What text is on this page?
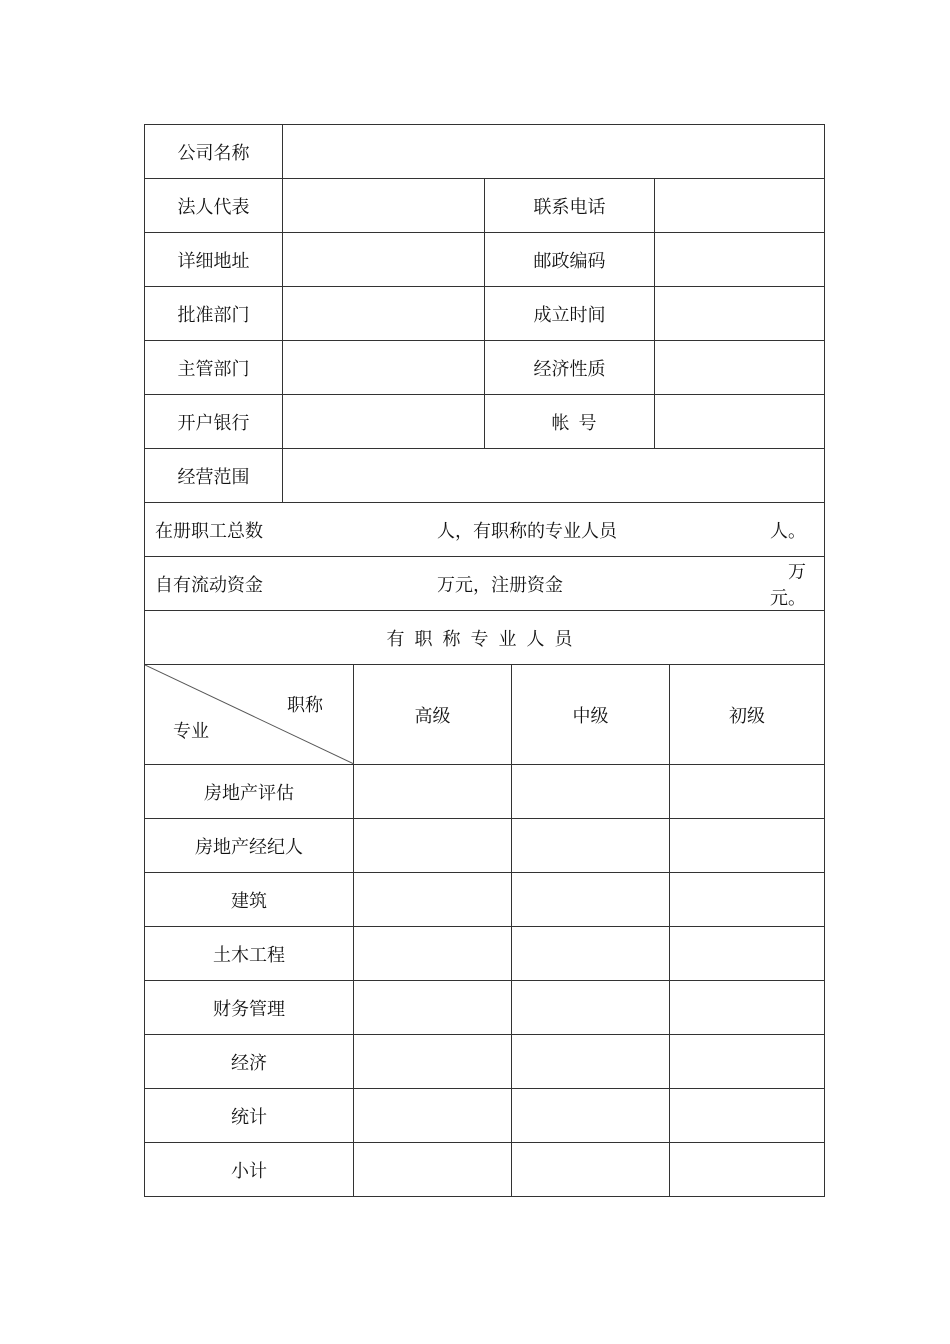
公司名称			
法人代表		联系电话	
详细地址		邮政编码	
批准部门		成立时间	
主管部门		经济性质	
开户银行		帐 号	
经营范围			

在册职工总数 人，有职称的专业人员 人。			

自有流动资金 万元，注册资金
万元。			

有职称专业人员			
职称
专业	高级	中级	初级
房地产评估			
房地产经纪人			
建筑			
土木工程			
财务管理			
经济			
统计			
小计			
